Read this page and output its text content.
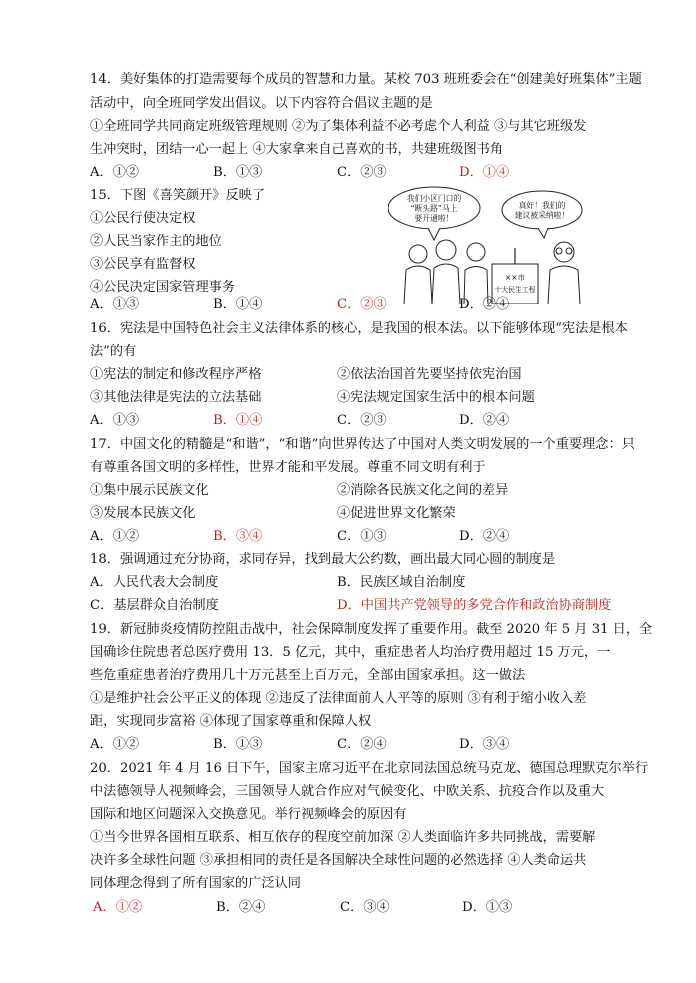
14．美好集体的打造需要每个成员的智慧和力量。某校 703 班班委会在“创建美好班集体”主题
活动中，向全班同学发出倡议。以下内容符合倡议主题的是
①全班同学共同商定班级管理规则 ②为了集体利益不必考虑个人利益 ③与其它班级发
生冲突时，团结一心一起上 ④大家拿来自己喜欢的书，共建班级图书角
A．①②	B．①③	C．②③	D．①④
15．下图《喜笑颜开》反映了
①公民行使决定权
②人民当家作主的地位
③公民享有监督权
④公民决定国家管理事务
我们小区门口的
“断头路”马上
要开通啦！
真好！我们的
建议被采纳啦！
××市
十大民生工程
A．①③	B．①④	C．②③	D．②④
16．宪法是中国特色社会主义法律体系的核心，是我国的根本法。以下能够体现“宪法是根本
法”的有
①宪法的制定和修改程序严格	②依法治国首先要坚持依宪治国
③其他法律是宪法的立法基础	④宪法规定国家生活中的根本问题
A．①③	B．①④	C．②③	D．②④
17．中国文化的精髓是“和谐”，“和谐”向世界传达了中国对人类文明发展的一个重要理念：只
有尊重各国文明的多样性，世界才能和平发展。尊重不同文明有利于
①集中展示民族文化	②消除各民族文化之间的差异
③发展本民族文化	④促进世界文化繁荣
A．①②	B．③④	C．①③	D．②④
18．强调通过充分协商，求同存异，找到最大公约数，画出最大同心圆的制度是
A．人民代表大会制度	B．民族区域自治制度
C．基层群众自治制度	D．中国共产党领导的多党合作和政治协商制度
19．新冠肺炎疫情防控阻击战中，社会保障制度发挥了重要作用。截至 2020 年 5 月 31 日，全
国确诊住院患者总医疗费用 13．5 亿元，其中，重症患者人均治疗费用超过 15 万元，一
些危重症患者治疗费用几十万元甚至上百万元，全部由国家承担。这一做法
①是维护社会公平正义的体现 ②违反了法律面前人人平等的原则 ③有利于缩小收入差
距，实现同步富裕 ④体现了国家尊重和保障人权
A．①②	B．①③	C．②④	D．③④
20．2021 年 4 月 16 日下午，国家主席习近平在北京同法国总统马克龙、德国总理默克尔举行
中法德领导人视频峰会，三国领导人就合作应对气候变化、中欧关系、抗疫合作以及重大
国际和地区问题深入交换意见。举行视频峰会的原因有
①当今世界各国相互联系、相互依存的程度空前加深 ②人类面临许多共同挑战，需要解
决许多全球性问题 ③承担相同的责任是各国解决全球性问题的必然选择 ④人类命运共
同体理念得到了所有国家的广泛认同
A．①②	B．②④	C．③④	D．①③
